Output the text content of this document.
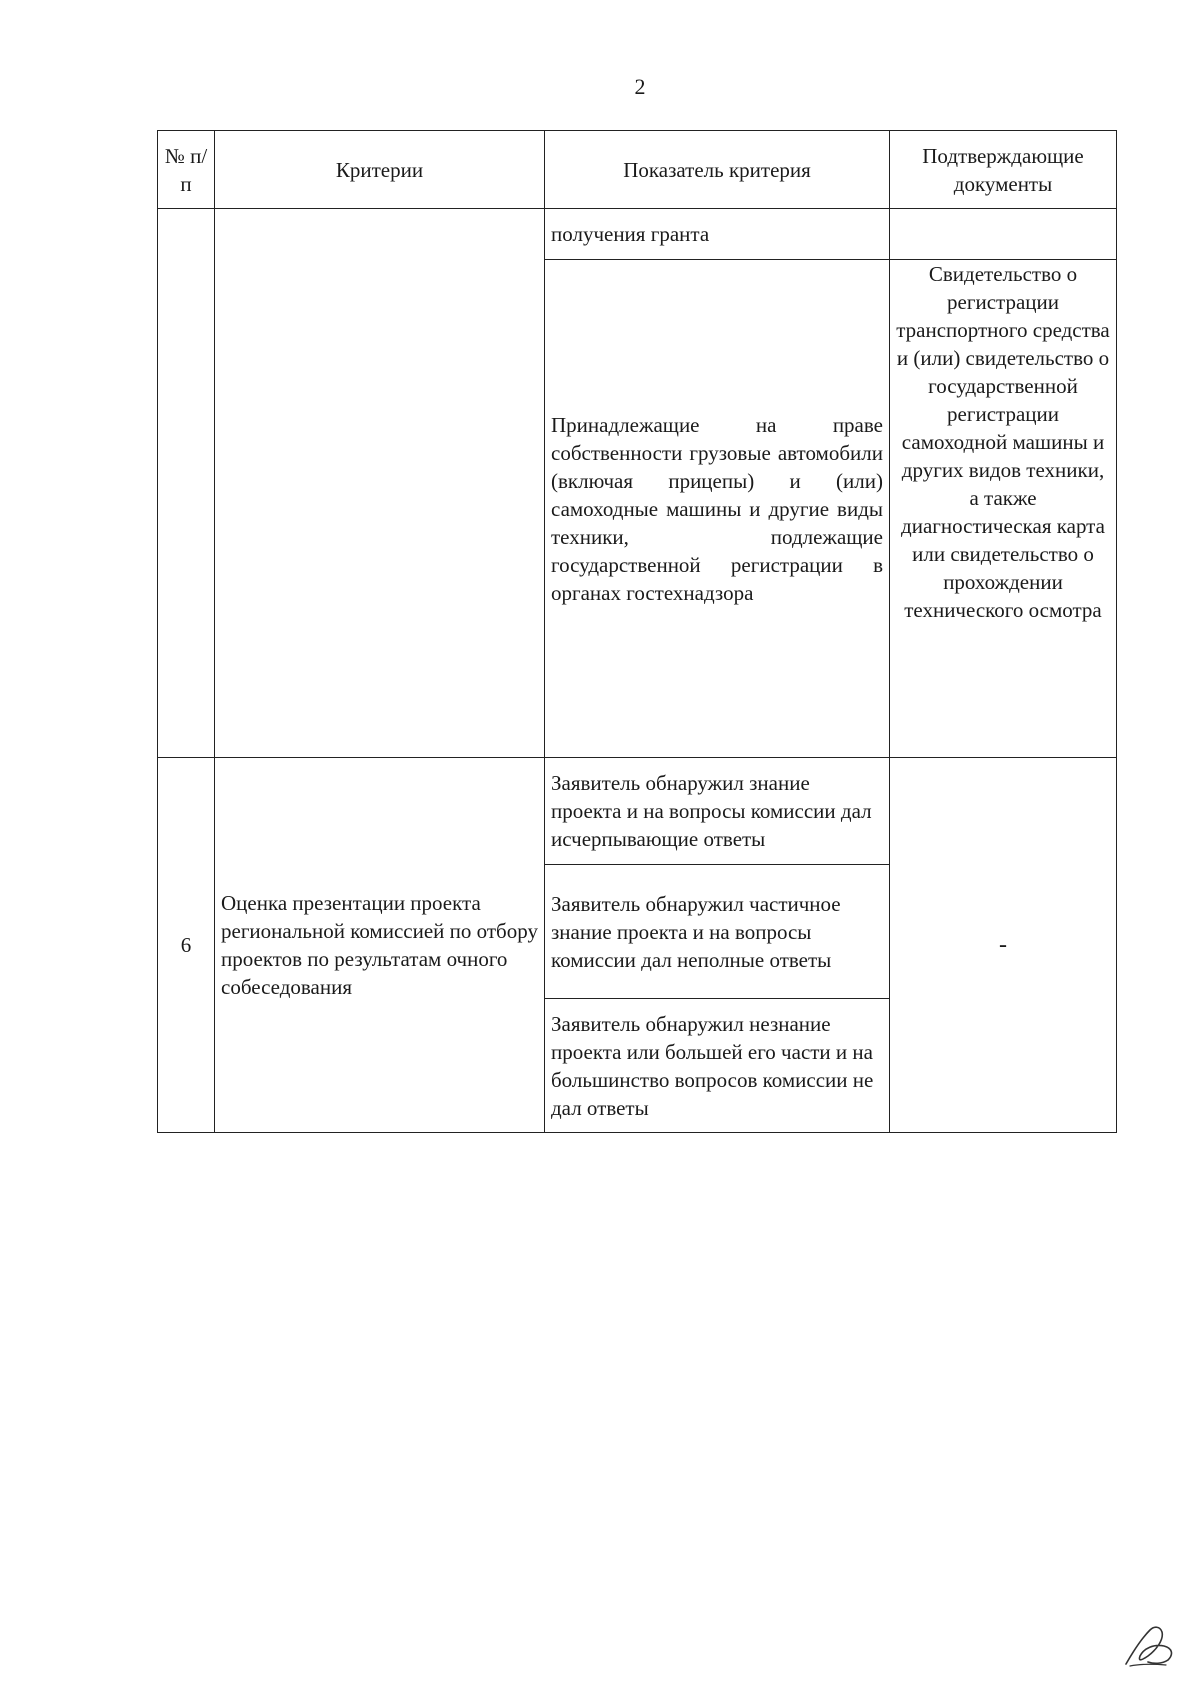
2
№ п/п	Критерии	Показатель критерия	Подтверждающие документы
		получения гранта	
		Принадлежащие на праве собственности грузовые автомобили (включая прицепы) и (или) самоходные машины и другие виды техники, подлежащие государственной регистрации в органах гостехнадзора	Свидетельство о регистрации транспортного средства и (или) свидетельство о государственной регистрации самоходной машины и других видов техники, а также диагностическая карта или свидетельство о прохождении технического осмотра
6	Оценка презентации проекта региональной комиссией по отбору проектов по результатам очного собеседования	Заявитель обнаружил знание проекта и на вопросы комиссии дал исчерпывающие ответы	-
		Заявитель обнаружил частичное знание проекта и на вопросы комиссии дал неполные ответы	
		Заявитель обнаружил незнание проекта или большей его части и на большинство вопросов комиссии не дал ответы	
